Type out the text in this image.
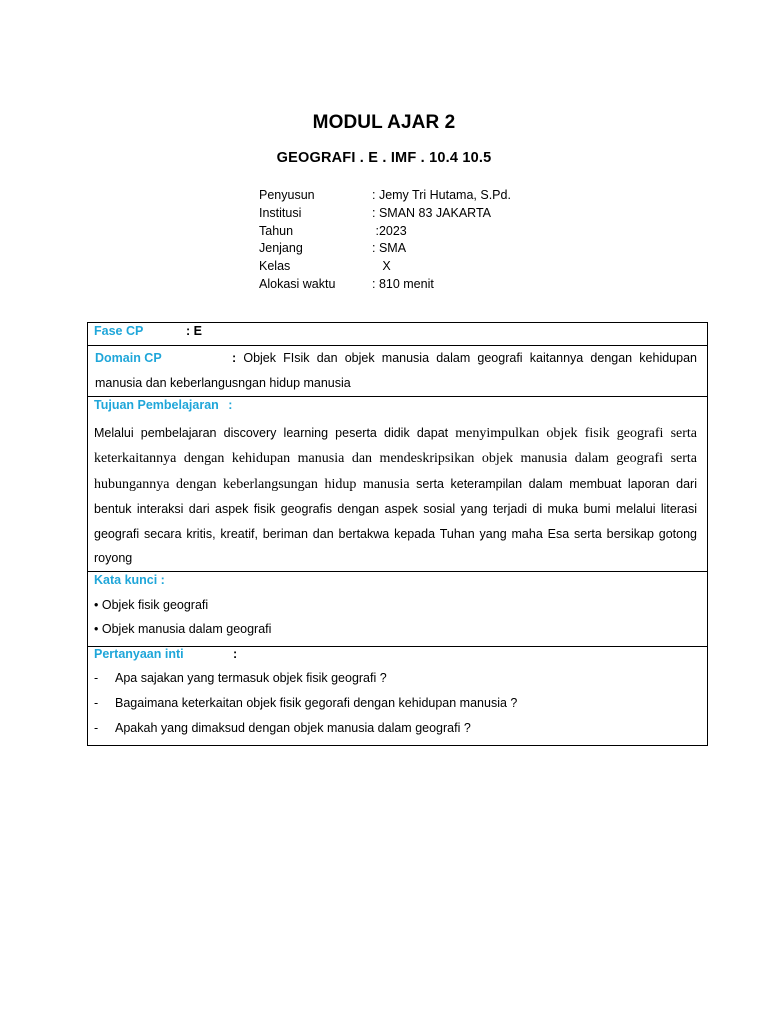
MODUL AJAR 2
GEOGRAFI . E . IMF . 10.4 10.5
Penyusun	: Jemy Tri Hutama, S.Pd.
Institusi	: SMAN 83 JAKARTA
Tahun	:2023
Jenjang	: SMA
Kelas	X
Alokasi waktu	: 810 menit
Fase CP	: E
Domain CP	: Objek FIsik dan objek manusia dalam geografi kaitannya dengan kehidupan manusia dan keberlangusngan hidup manusia
Tujuan Pembelajaran :
Melalui pembelajaran discovery learning peserta didik dapat menyimpulkan objek fisik geografi serta keterkaitannya dengan kehidupan manusia dan mendeskripsikan objek manusia dalam geografi serta hubungannya dengan keberlangsungan hidup manusia serta keterampilan dalam membuat laporan dari bentuk interaksi dari aspek fisik geografis dengan aspek sosial yang terjadi di muka bumi melalui literasi geografi secara kritis, kreatif, beriman dan bertakwa kepada Tuhan yang maha Esa serta bersikap gotong royong
Kata kunci :
• Objek fisik geografi
• Objek manusia dalam geografi
Pertanyaan inti	:
- Apa sajakan yang termasuk objek fisik geografi ?
- Bagaimana keterkaitan objek fisik gegorafi dengan kehidupan manusia ?
- Apakah yang dimaksud dengan objek manusia dalam geografi ?
